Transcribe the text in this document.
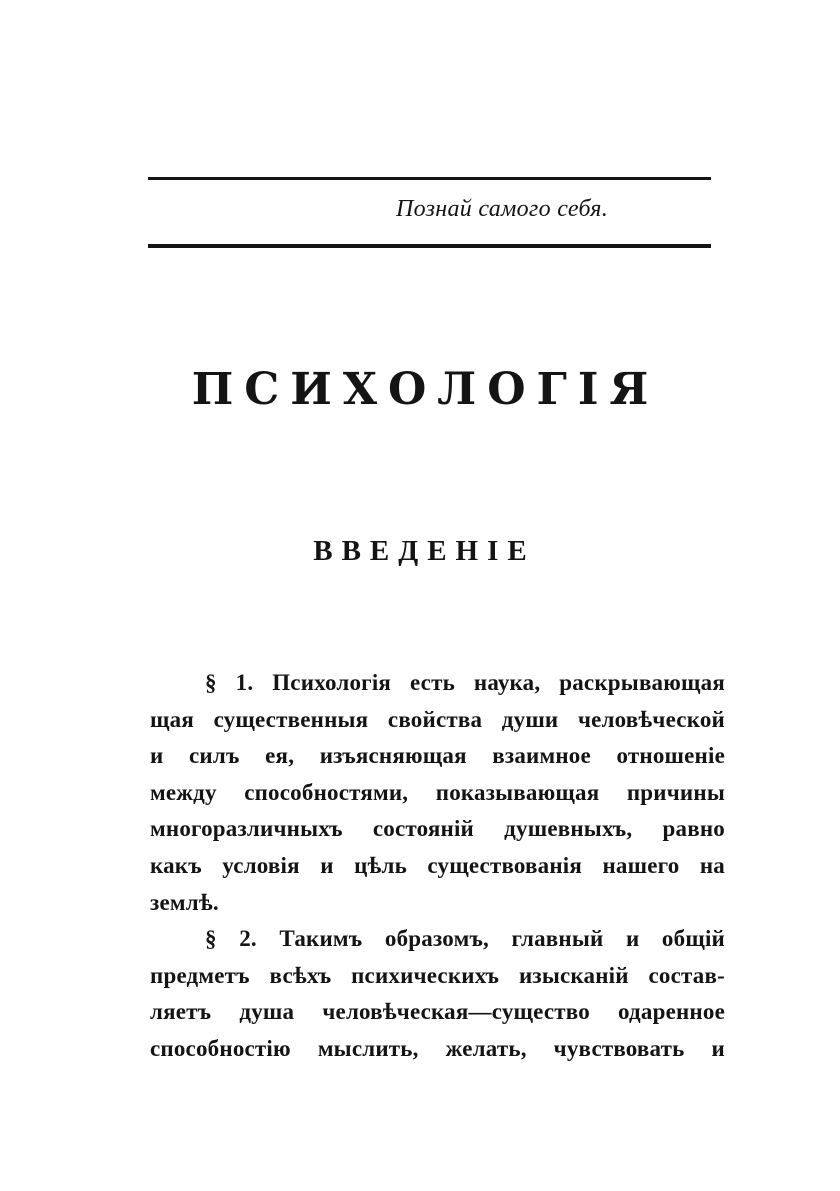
Познай самого себя.
ПСИХОЛОГІЯ
ВВЕДЕНІЕ
§ 1. Психологія есть наука, раскрывающая
щая существенныя свойства души человѣческой
и силъ ея, изъясняющая взаимное отношеніе
между способностями, показывающая причины
многоразличныхъ состояній душевныхъ, равно
какъ условія и цѣль существованія нашего на
землѣ.
§ 2. Такимъ образомъ, главный и общій
предметъ всѣхъ психическихъ изысканій состав-
ляетъ душа человѣческая—существо одаренное
способностію мыслить, желать, чувствовать и
